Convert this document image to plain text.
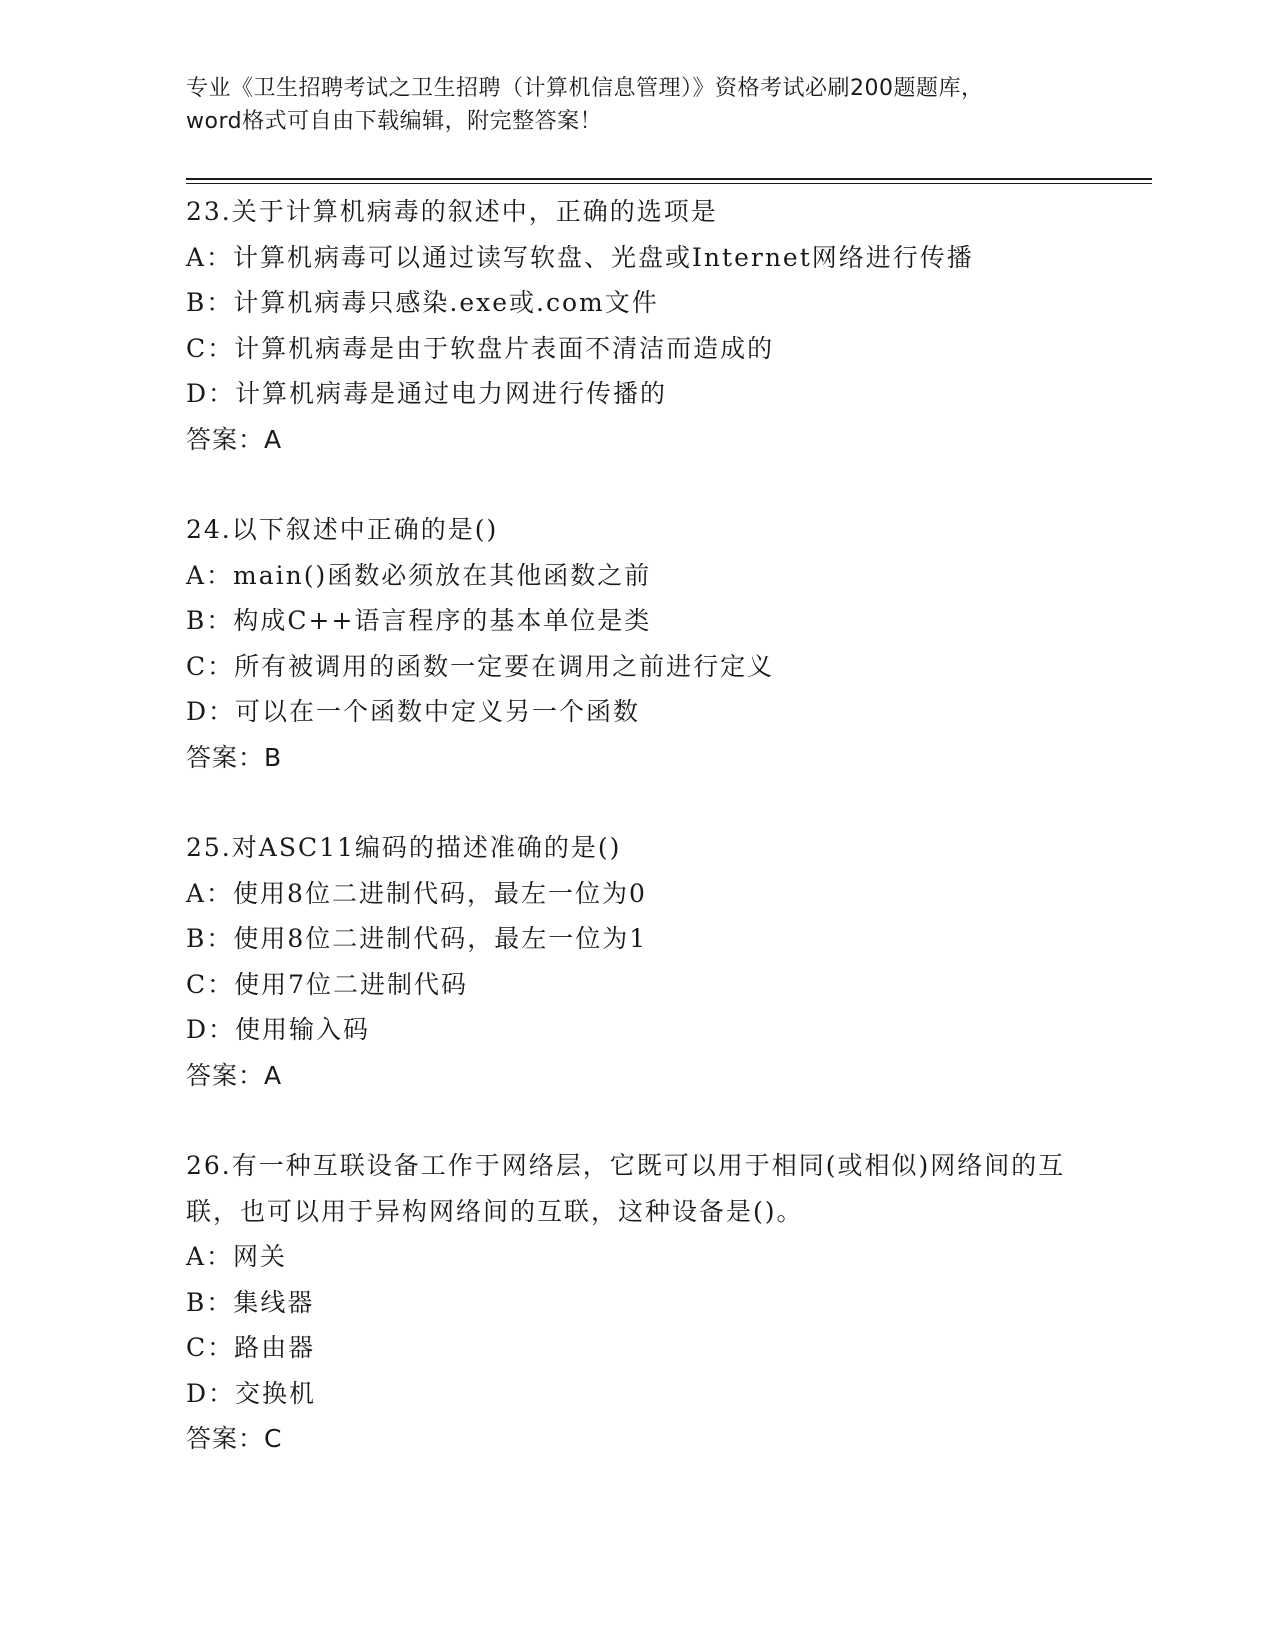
专业《卫生招聘考试之卫生招聘（计算机信息管理）》资格考试必刷200题题库，
word格式可自由下载编辑，附完整答案！
23.关于计算机病毒的叙述中，正确的选项是
A：计算机病毒可以通过读写软盘、光盘或Internet网络进行传播
B：计算机病毒只感染.exe或.com文件
C：计算机病毒是由于软盘片表面不清洁而造成的
D：计算机病毒是通过电力网进行传播的
答案：A
24.以下叙述中正确的是()
A：main()函数必须放在其他函数之前
B：构成C++语言程序的基本单位是类
C：所有被调用的函数一定要在调用之前进行定义
D：可以在一个函数中定义另一个函数
答案：B
25.对ASC11编码的描述准确的是()
A：使用8位二进制代码，最左一位为0
B：使用8位二进制代码，最左一位为1
C：使用7位二进制代码
D：使用输入码
答案：A
26.有一种互联设备工作于网络层，它既可以用于相同(或相似)网络间的互联，也可以用于异构网络间的互联，这种设备是()。
A：网关
B：集线器
C：路由器
D：交换机
答案：C
